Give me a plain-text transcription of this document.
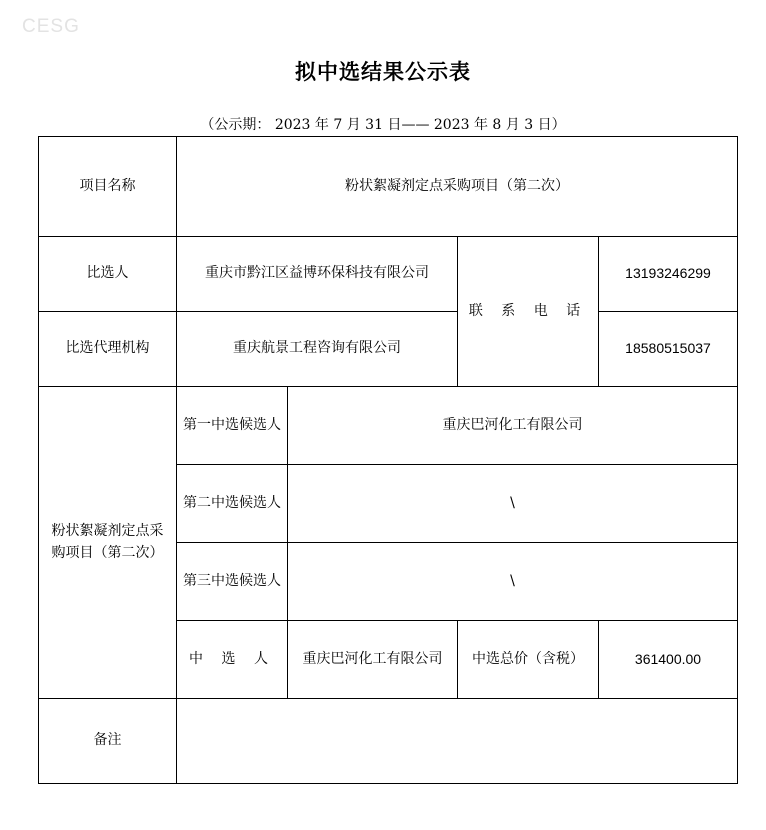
CESG
拟中选结果公示表
（公示期： 2023 年 7 月 31 日—— 2023 年 8 月 3 日）
项目名称	粉状絮凝剂定点采购项目（第二次）			
比选人	重庆市黔江区益博环保科技有限公司		联 系 电 话	13193246299
比选代理机构	重庆航景工程咨询有限公司			18580515037
粉状絮凝剂定点采购项目（第二次）	第一中选候选人	重庆巴河化工有限公司		
	第二中选候选人	\		
	第三中选候选人	\		
	中 选 人	重庆巴河化工有限公司	中选总价（含税）	361400.00
备注				
